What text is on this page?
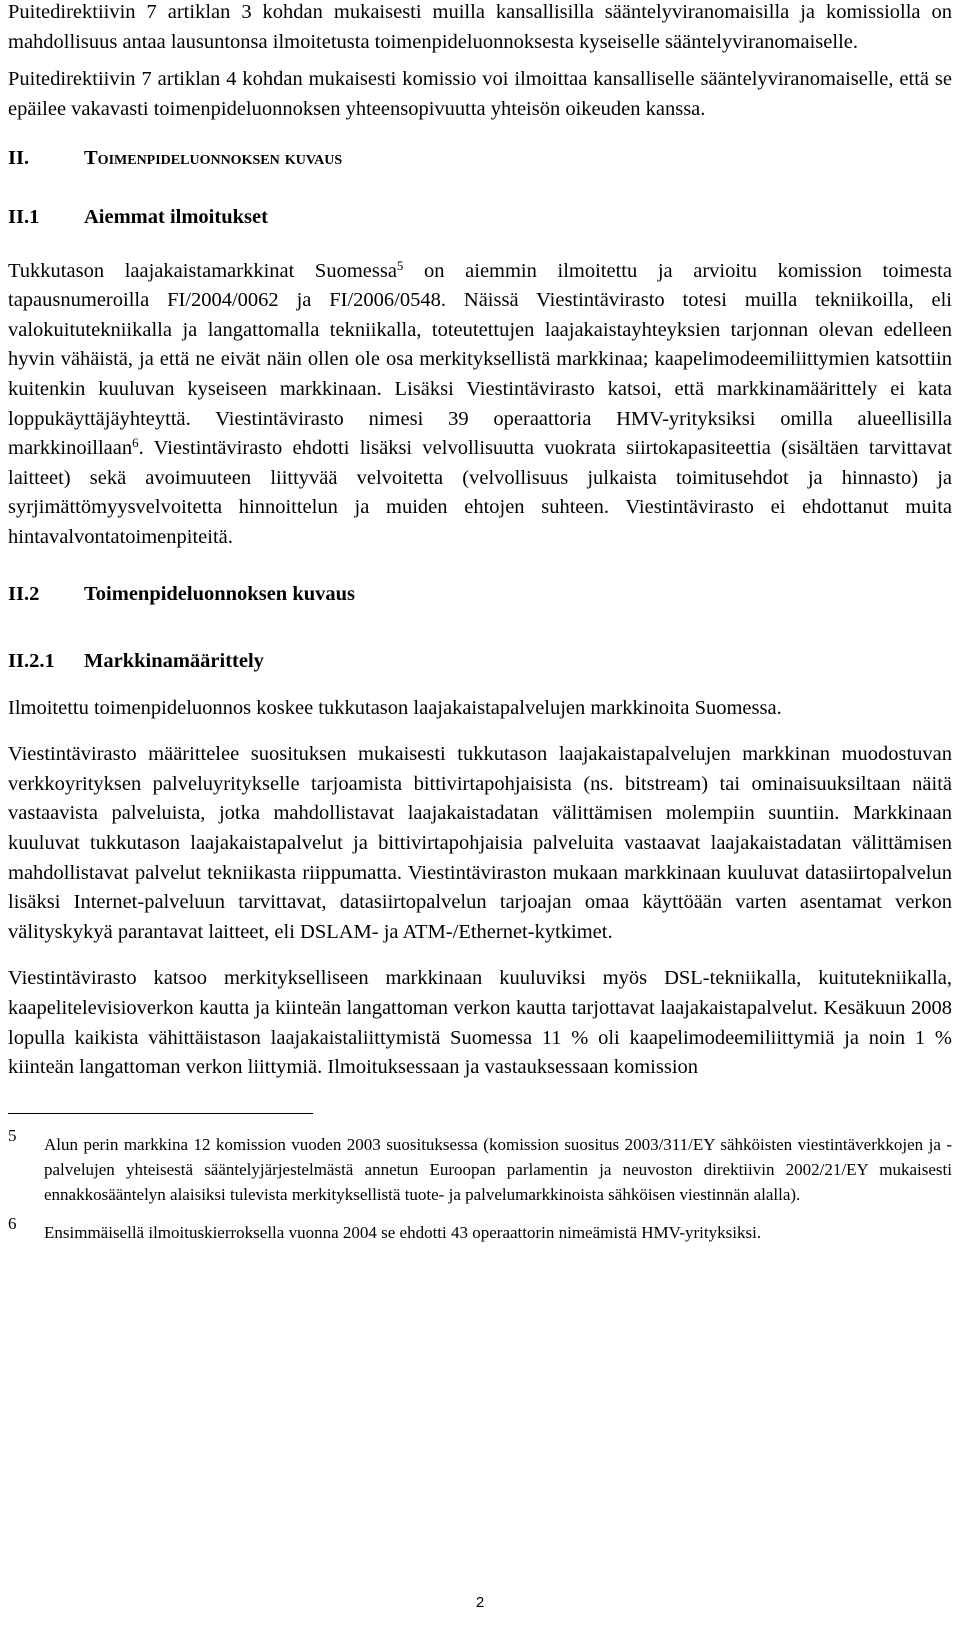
Puitedirektiivin 7 artiklan 3 kohdan mukaisesti muilla kansallisilla sääntelyviranomaisilla ja komissiolla on mahdollisuus antaa lausuntonsa ilmoitetusta toimenpideluonnoksesta kyseiselle sääntelyviranomaiselle.

Puitedirektiivin 7 artiklan 4 kohdan mukaisesti komissio voi ilmoittaa kansalliselle sääntelyviranomaiselle, että se epäilee vakavasti toimenpideluonnoksen yhteensopivuutta yhteisön oikeuden kanssa.

II.	Toimenpideluonnoksen kuvaus
II.1	Aiemmat ilmoitukset

Tukkutason laajakaistamarkkinat Suomessa$^5$ on aiemmin ilmoitettu ja arvioitu komission toimesta tapausnumeroilla FI/2004/0062 ja FI/2006/0548. Näissä Viestintävirasto totesi muilla tekniikoilla, eli valokuitutekniikalla ja langattomalla tekniikalla, toteutettujen laajakaistayhteyksien tarjonnan olevan edelleen hyvin vähäistä, ja että ne eivät näin ollen ole osa merkityksellistä markkinaa; kaapelimodeemiliittymien katsottiin kuitenkin kuuluvan kyseiseen markkinaan. Lisäksi Viestintävirasto katsoi, että markkinamäärittely ei kata loppukäyttäjäyhteyttä. Viestintävirasto nimesi 39 operaattoria HMV-yrityksiksi omilla alueellisilla markkinoillaan$^6$. Viestintävirasto ehdotti lisäksi velvollisuutta vuokrata siirtokapasiteettia (sisältäen tarvittavat laitteet) sekä avoimuuteen liittyvää velvoitetta (velvollisuus julkaista toimitusehdot ja hinnasto) ja syrjimättömyysvelvoitetta hinnoittelun ja muiden ehtojen suhteen. Viestintävirasto ei ehdottanut muita hintavalvontatoimenpiteitä.

II.2	Toimenpideluonnoksen kuvaus
II.2.1	Markkinamäärittely

Ilmoitettu toimenpideluonnos koskee tukkutason laajakaistapalvelujen markkinoita Suomessa.

Viestintävirasto määrittelee suosituksen mukaisesti tukkutason laajakaistapalvelujen markkinan muodostuvan verkkoyrityksen palveluyritykselle tarjoamista bittivirtapohjaisista (ns. bitstream) tai ominaisuuksiltaan näitä vastaavista palveluista, jotka mahdollistavat laajakaistadatan välittämisen molempiin suuntiin. Markkinaan kuuluvat tukkutason laajakaistapalvelut ja bittivirtapohjaisia palveluita vastaavat laajakaistadatan välittämisen mahdollistavat palvelut tekniikasta riippumatta. Viestintäviraston mukaan markkinaan kuuluvat datasiirtopalvelun lisäksi Internet-palveluun tarvittavat, datasiirtopalvelun tarjoajan omaa käyttöään varten asentamat verkon välityskykyä parantavat laitteet, eli DSLAM- ja ATM-/Ethernet-kytkimet.

Viestintävirasto katsoo merkitykselliseen markkinaan kuuluviksi myös DSL-tekniikalla, kuitutekniikalla, kaapelitelevisioverkon kautta ja kiinteän langattoman verkon kautta tarjottavat laajakaistapalvelut. Kesäkuun 2008 lopulla kaikista vähittäistason laajakaistaliittymistä Suomessa 11 % oli kaapelimodeemiliittymiä ja noin 1 % kiinteän langattoman verkon liittymiä. Ilmoituksessaan ja vastauksessaan komission

5	Alun perin markkina 12 komission vuoden 2003 suosituksessa (komission suositus 2003/311/EY sähköisten viestintäverkkojen ja -palvelujen yhteisestä sääntelyjärjestelmästä annetun Euroopan parlamentin ja neuvoston direktiivin 2002/21/EY mukaisesti ennakkosääntelyn alaisiksi tulevista merkityksellistä tuote- ja palvelumarkkinoista sähköisen viestinnän alalla).

6	Ensimmäisellä ilmoituskierroksella vuonna 2004 se ehdotti 43 operaattorin nimeämistä HMV-yrityksiksi.

2
